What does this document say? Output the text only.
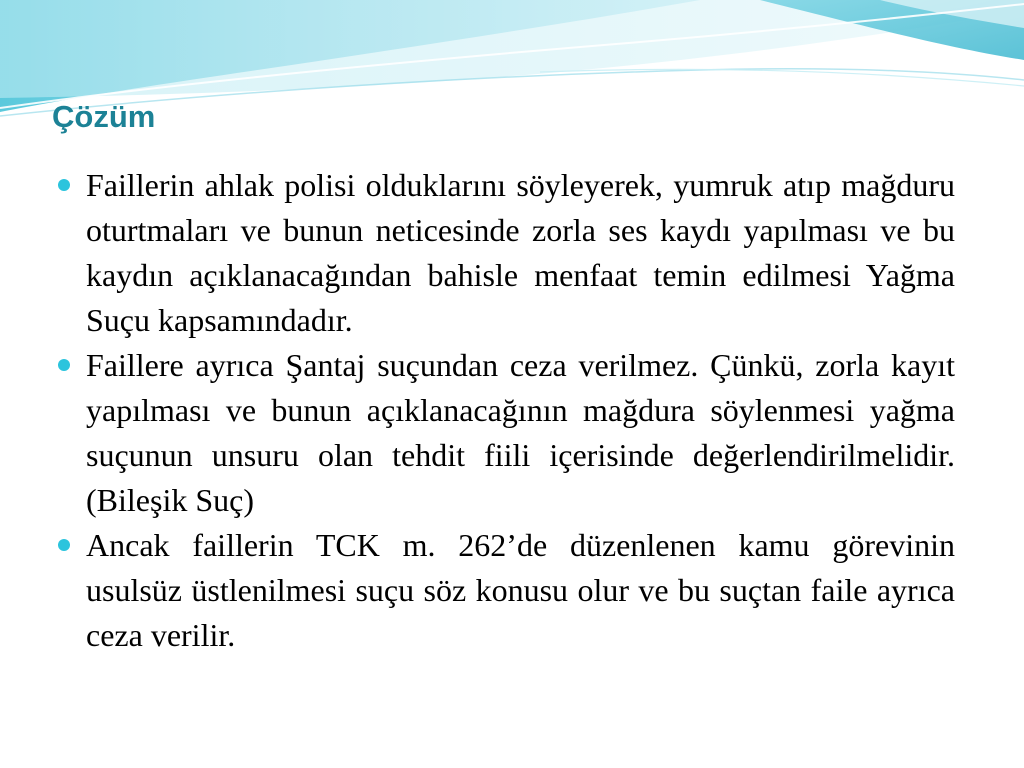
Çözüm
Faillerin ahlak polisi olduklarını söyleyerek, yumruk atıp mağduru oturtmaları ve bunun neticesinde zorla ses kaydı yapılması ve bu kaydın açıklanacağından bahisle menfaat temin edilmesi Yağma Suçu kapsamındadır.
Faillere ayrıca Şantaj suçundan ceza verilmez. Çünkü, zorla kayıt yapılması ve bunun açıklanacağının mağdura söylenmesi yağma suçunun unsuru olan tehdit fiili içerisinde değerlendirilmelidir. (Bileşik Suç)
Ancak faillerin TCK m. 262’de düzenlenen kamu görevinin usulsüz üstlenilmesi suçu söz konusu olur ve bu suçtan faile ayrıca ceza verilir.
